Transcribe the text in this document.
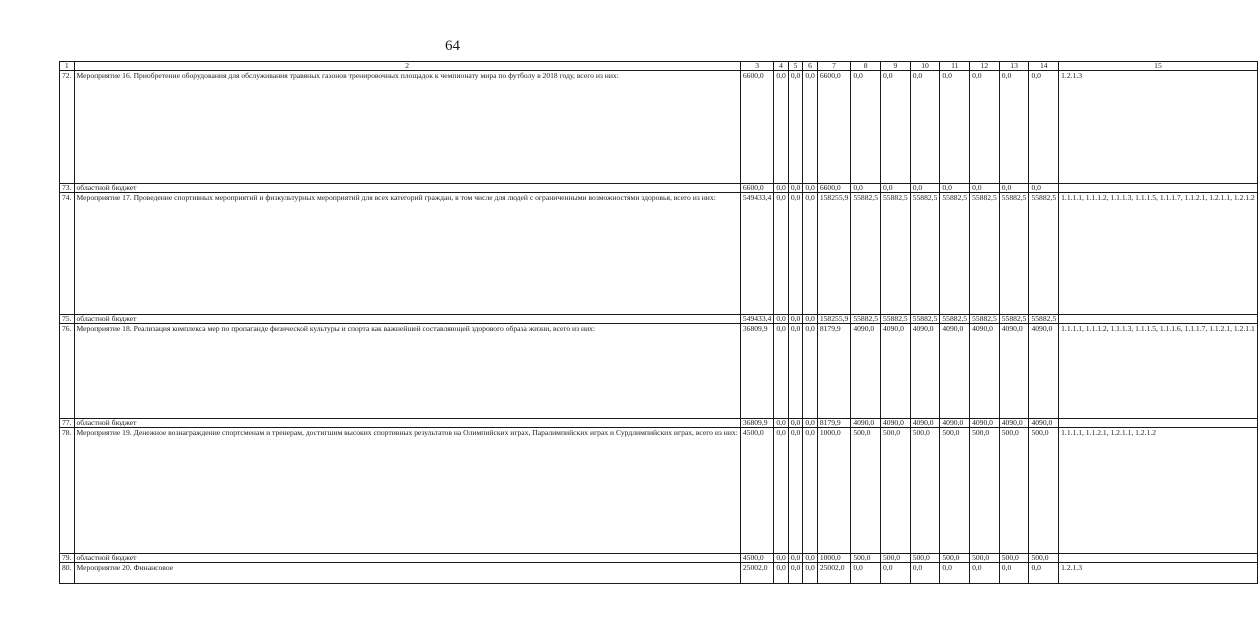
64
1	2	3	4	5	6	7	8	9	10	11	12	13	14	15
72.	Мероприятие 16. Приобретение оборудования для обслуживания травяных газонов тренировочных площадок к чемпионату мира по футболу в 2018 году, всего из них:	6600,0	0,0	0,0	0,0	6600,0	0,0	0,0	0,0	0,0	0,0	0,0	0,0	1.2.1.3
73.	областной бюджет	6600,0	0,0	0,0	0,0	6600,0	0,0	0,0	0,0	0,0	0,0	0,0	0,0	
74.	Мероприятие 17. Проведение спортивных мероприятий и физкультурных мероприятий для всех категорий граждан, в том числе для людей с ограниченными возможностями здоровья, всего из них:	549433,4	0,0	0,0	0,0	158255,9	55882,5	55882,5	55882,5	55882,5	55882,5	55882,5	55882,5	1.1.1.1, 1.1.1.2, 1.1.1.3, 1.1.1.5, 1.1.1.7, 1.1.2.1, 1.2.1.1, 1.2.1.2
75.	областной бюджет	549433,4	0,0	0,0	0,0	158255,9	55882,5	55882,5	55882,5	55882,5	55882,5	55882,5	55882,5	
76.	Мероприятие 18. Реализация комплекса мер по пропаганде физической культуры и спорта как важнейшей составляющей здорового образа жизни, всего из них:	36809,9	0,0	0,0	0,0	8179,9	4090,0	4090,0	4090,0	4090,0	4090,0	4090,0	4090,0	1.1.1.1, 1.1.1.2, 1.1.1.3, 1.1.1.5, 1.1.1.6, 1.1.1.7, 1.1.2.1, 1.2.1.1
77.	областной бюджет	36809,9	0,0	0,0	0,0	8179,9	4090,0	4090,0	4090,0	4090,0	4090,0	4090,0	4090,0	
78.	Мероприятие 19. Денежное вознаграждение спортсменам и тренерам, достигшим высоких спортивных результатов на Олимпийских играх, Паралимпийских играх и Сурдлимпийских играх, всего из них:	4500,0	0,0	0,0	0,0	1000,0	500,0	500,0	500,0	500,0	500,0	500,0	500,0	1.1.1.1, 1.1.2.1, 1.2.1.1, 1.2.1.2
79.	областной бюджет	4500,0	0,0	0,0	0,0	1000,0	500,0	500,0	500,0	500,0	500,0	500,0	500,0	
80.	Мероприятие 20. Финансовое	25002,0	0,0	0,0	0,0	25002,0	0,0	0,0	0,0	0,0	0,0	0,0	0,0	1.2.1.3
